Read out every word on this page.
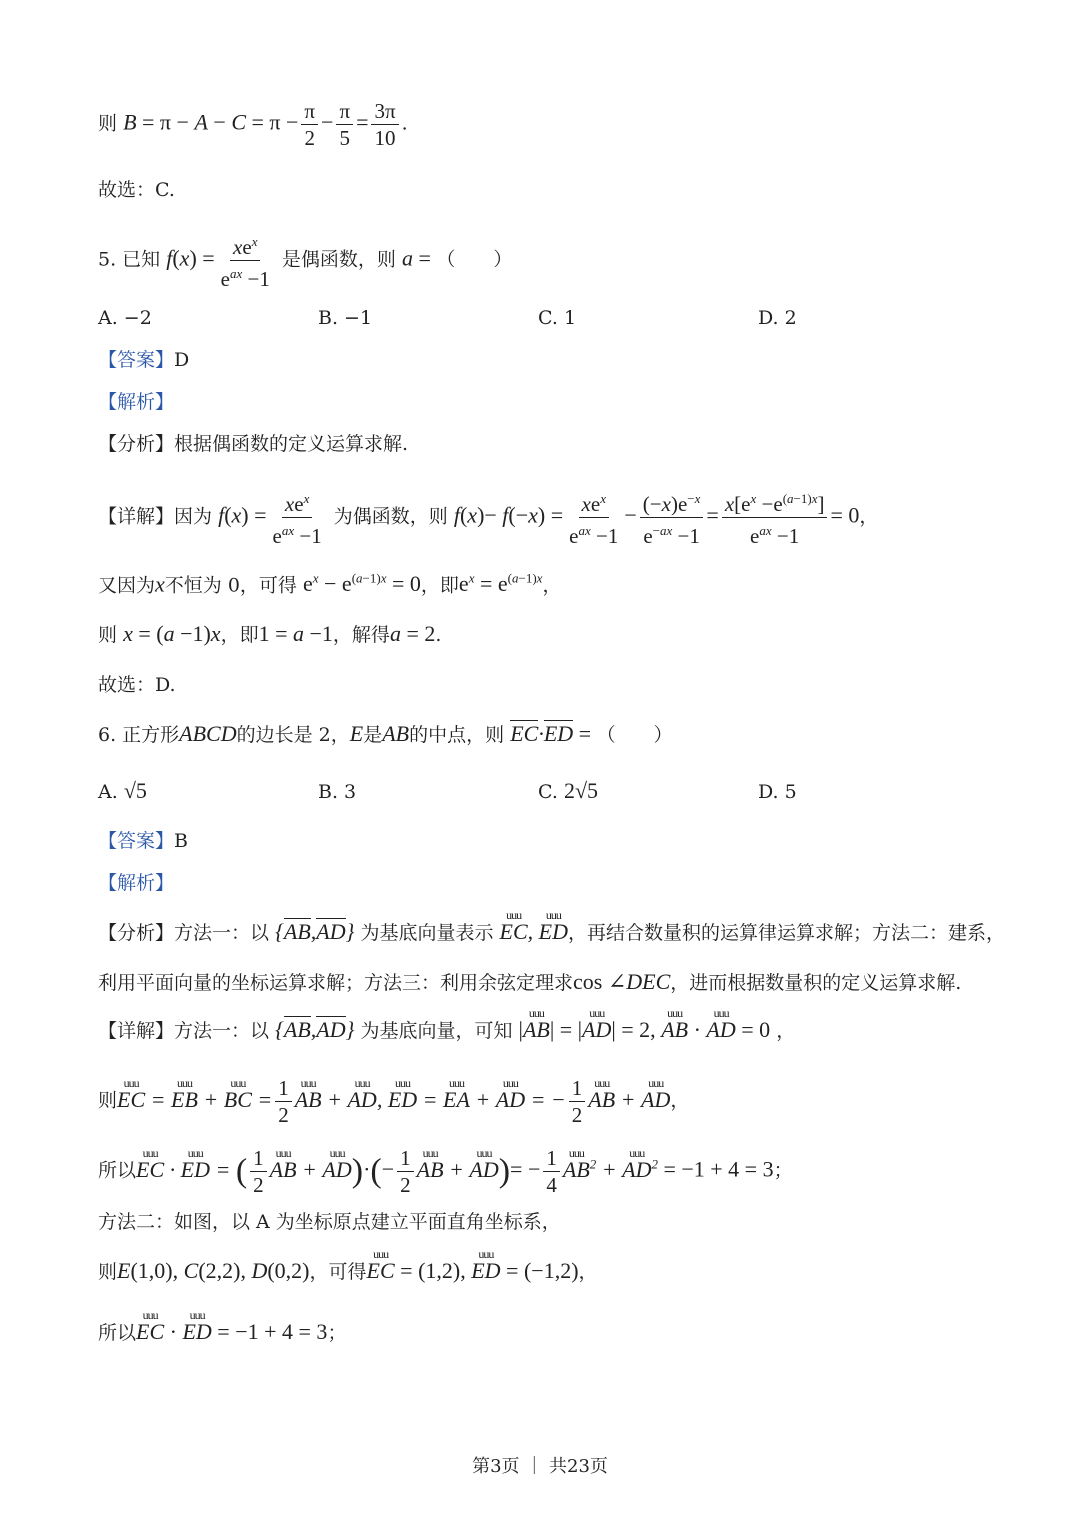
则 $B = \pi - A - C = \pi - \frac{\pi}{2} - \frac{\pi}{5} = \frac{3\pi}{10}$ .
故选：C.
5. 已知 $f(x) = \frac{xe^x}{e^{ax} -1}$ 是偶函数，则 a = （　　）
A. −2	B. −1	C. 1	D. 2
【答案】D
【解析】
【分析】根据偶函数的定义运算求解.
【详解】因为 $f(x) = \frac{xe^x}{e^{ax} -1}$ 为偶函数，则 $f(x)- f(-x) = \frac{xe^x}{e^{ax} -1} - \frac{(-x)e^{-x}}{e^{-ax} -1} = \frac{x[e^x -e^{(a-1)x}]}{e^{ax} -1} = 0$，
又因为x不恒为 0，可得 $e^x - e^{(a-1)x} = 0$，即$e^x = e^{(a-1)x}$，
则 x = (a −1)x，即1 = a −1，解得a = 2.
故选：D.
6. 正方形ABCD的边长是 2，E是AB的中点，则 EC·ED = （　　）
A. √5	B. 3	C. 2√5	D. 5
【答案】B
【解析】
【分析】方法一：以 {AB,AD} 为基底向量表示 EC uuu, ED uuu，再结合数量积的运算律运算求解；方法二：建系，
利用平面向量的坐标运算求解；方法三：利用余弦定理求cos ∠DEC，进而根据数量积的定义运算求解.
【详解】方法一：以 {AB,AD} 为基底向量，可知 |AB uuu| = |AD uuu| = 2, AB uuu · AD uuu = 0 ，
则EC uuu = EB uuu + BC uuu = $\frac{1}{2}$ AB uuu + AD uuu, ED uuu = EA uuu + AD uuu = − $\frac{1}{2}$ AB uuu + AD uuu，
所以EC uuu · ED uuu = ( $\frac{1}{2}$ AB uuu + AD $uuu)\cdot(- \frac{1}{2}$ AB uuu + AD $uuu)= - \frac{1}{4}$ AB uuu$^2$ + AD uuu$^2$ = −1 + 4 = 3；
方法二：如图，以 A 为坐标原点建立平面直角坐标系，
则E(1,0), C(2,2), D(0,2)，可得EC uuu = (1,2), ED uuu = (−1,2)，
所以EC uuu · ED uuu = −1 + 4 = 3；
第3页 ｜ 共23页
